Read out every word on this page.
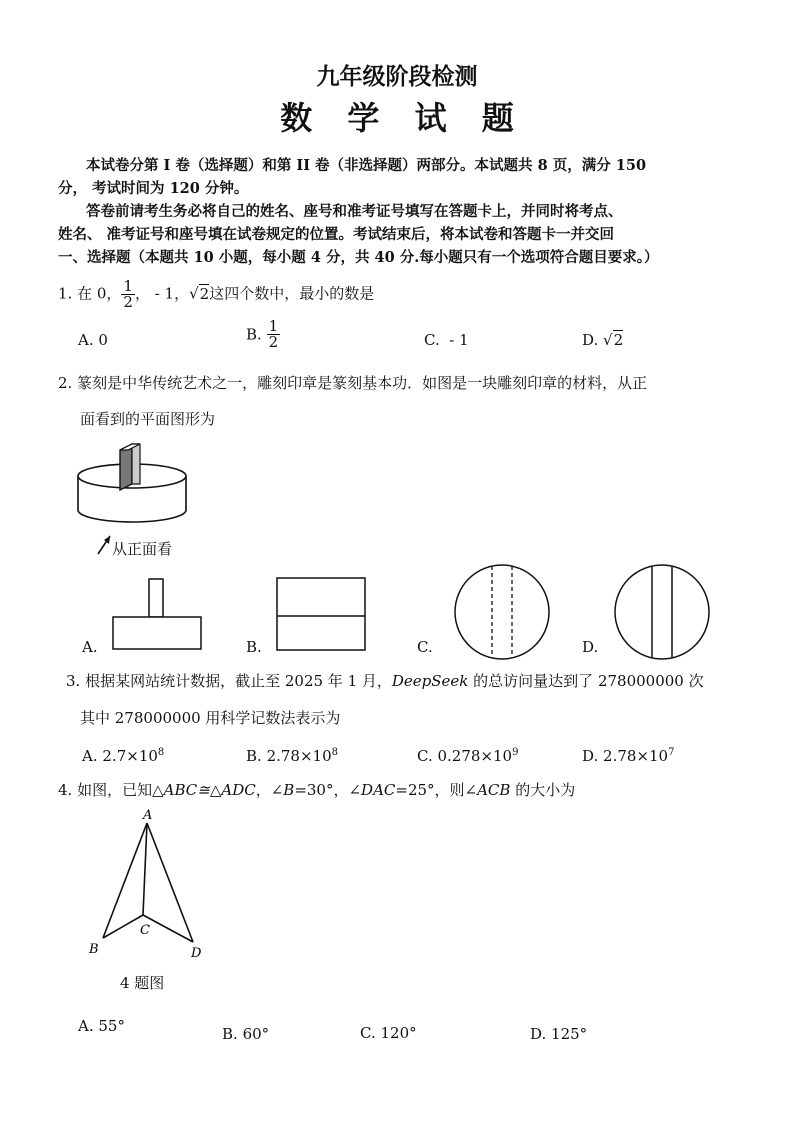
九年级阶段检测
数 学 试 题
本试卷分第 I 卷（选择题）和第 II 卷（非选择题）两部分。本试题共 8 页，满分 150
分， 考试时间为 120 分钟。
答卷前请考生务必将自己的姓名、座号和准考证号填写在答题卡上，并同时将考点、
姓名、 准考证号和座号填在试卷规定的位置。考试结束后，将本试卷和答题卡一并交回
一、选择题（本题共 10 小题，每小题 4 分，共 40 分.每小题只有一个选项符合题目要求。）
1. 在 0， $\frac{1}{2}$ ， - 1，√2这四个数中，最小的数是
A. 0	B. $\frac{1}{2}$	C. - 1	D. √2
2. 篆刻是中华传统艺术之一，雕刻印章是篆刻基本功．如图是一块雕刻印章的材料，从正
面看到的平面图形为
从正面看
A.	B.	C.	D.
3. 根据某网站统计数据，截止至 2025 年 1 月，DeepSeek 的总访问量达到了 278000000 次
其中 278000000 用科学记数法表示为
A. $2.7\times 10^8$	B. $2.78\times 10^8$	C. $0.278\times 10^9$	D. $2.78\times 10^7$
4. 如图，已知△ABC≅△ADC，∠B=30°，∠DAC=25°，则∠ACB 的大小为
A
B
C
D
4 题图
A. 55°	B. 60°	C. 120°	D. 125°
